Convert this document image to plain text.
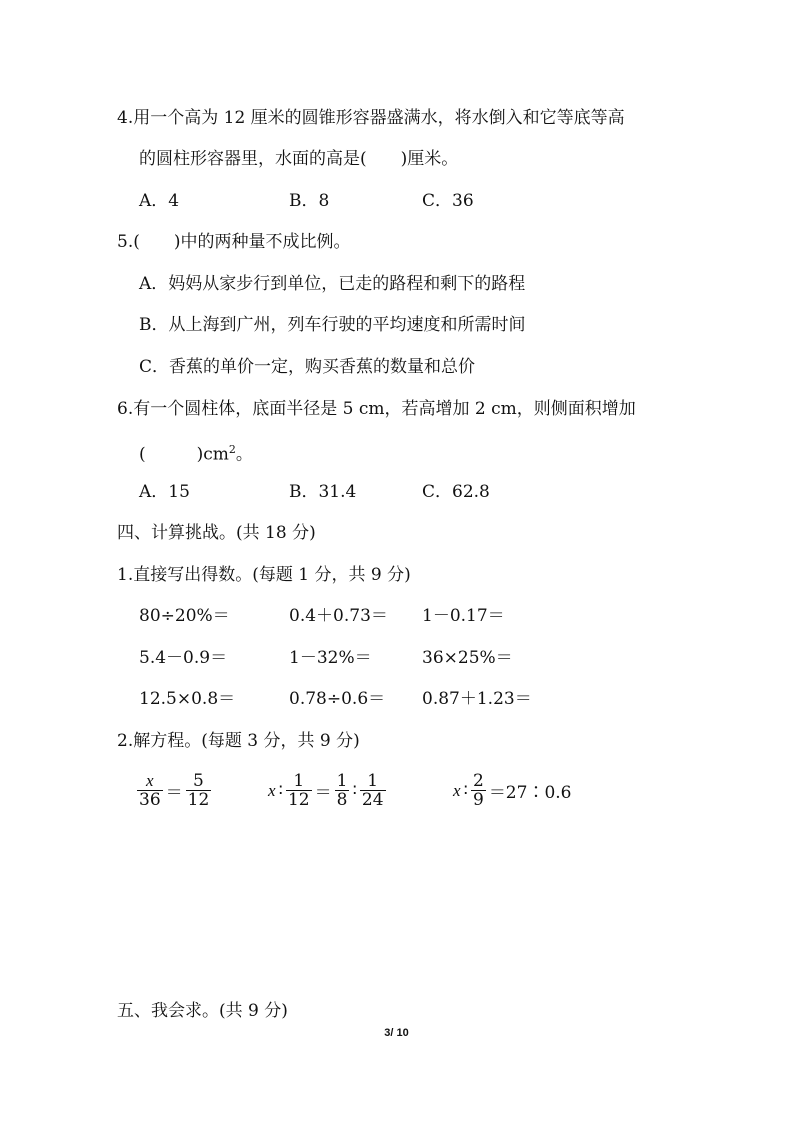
4.用一个高为 12 厘米的圆锥形容器盛满水，将水倒入和它等底等高
的圆柱形容器里，水面的高是(　　)厘米。
A．4	B．8	C．36
5.(　　)中的两种量不成比例。
A．妈妈从家步行到单位，已走的路程和剩下的路程
B．从上海到广州，列车行驶的平均速度和所需时间
C．香蕉的单价一定，购买香蕉的数量和总价
6.有一个圆柱体，底面半径是 5 cm，若高增加 2 cm，则侧面积增加
(　　　)$cm^2$。
A．15	B．31.4	C．62.8
四、计算挑战。(共 18 分)
1.直接写出得数。(每题 1 分，共 9 分)
80÷20%＝	0.4＋0.73＝ 1－0.17＝
5.4－0.9＝	1－32%＝	36×25%＝
12.5×0.8＝	0.78÷0.6＝ 0.87＋1.23＝
2.解方程。(每题 3 分，共 9 分)
$\frac{x}{36} = \frac{5}{12}$	x ∶ $\frac{1}{12} = \frac{1}{8}$ ∶ $\frac{1}{24}$	x ∶ $\frac{2}{9}$ ＝27∶0.6
五、我会求。(共 9 分)
3/ 10
